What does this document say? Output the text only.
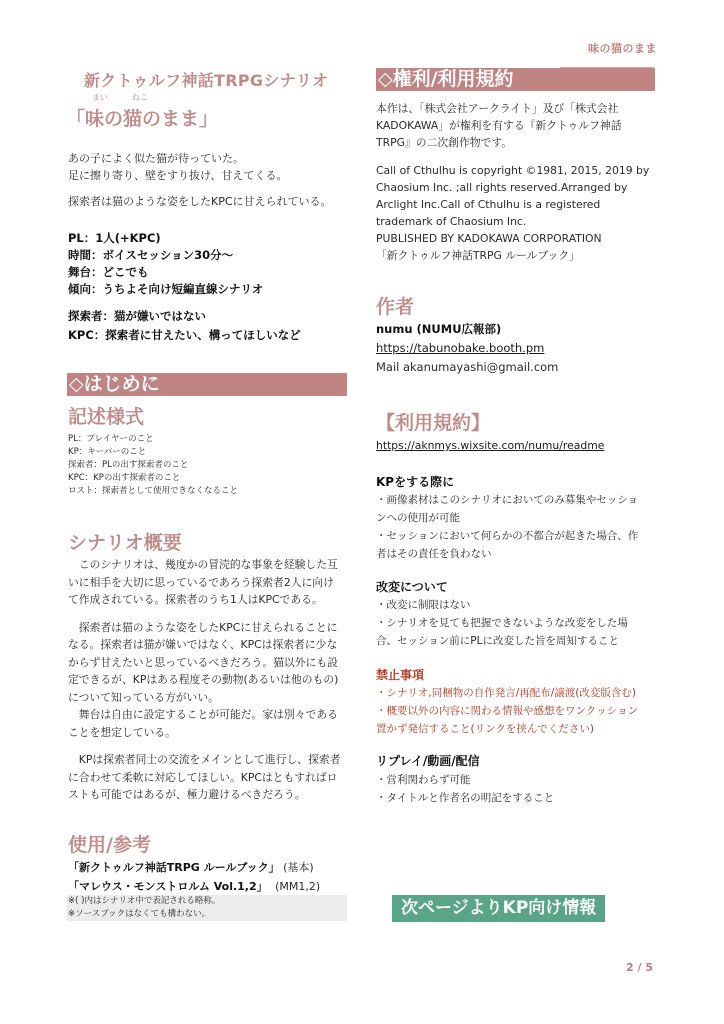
味の猫のまま
新クトゥルフ神話TRPGシナリオ
まい	ねこ
「味の猫のまま」
あの子によく似た猫が待っていた。
足に擦り寄り、壁をすり抜け、甘えてくる。
探索者は猫のような姿をしたKPCに甘えられている。
PL：1人(+KPC)
時間：ボイスセッション30分〜
舞台：どこでも
傾向：うちよそ向け短編直線シナリオ
探索者：猫が嫌いではない
KPC：探索者に甘えたい、構ってほしいなど
◇はじめに
記述様式
PL：プレイヤーのこと
KP：キーパーのこと
探索者：PLの出す探索者のこと
KPC：KPの出す探索者のこと
ロスト：探索者として使用できなくなること
シナリオ概要
　このシナリオは、幾度かの冒涜的な事象を経験した互
いに相手を大切に思っているであろう探索者2人に向け
て作成されている。探索者のうち1人はKPCである。
　探索者は猫のような姿をしたKPCに甘えられることに
なる。探索者は猫が嫌いではなく、KPCは探索者に少な
からず甘えたいと思っているべきだろう。猫以外にも設
定できるが、KPはある程度その動物(あるいは他のもの)
について知っている方がいい。
　舞台は自由に設定することが可能だ。家は別々である
ことを想定している。
　KPは探索者同士の交流をメインとして進行し、探索者
に合わせて柔軟に対応してほしい。KPCはともすればロ
ストも可能ではあるが、極力避けるべきだろう。
使用/参考
「新クトゥルフ神話TRPG ルールブック」 (基本)
「マレウス・モンストロルム Vol.1,2」 (MM1,2)
※( )内はシナリオ中で表記される略称。
※ソースブックはなくても構わない。
◇権利/利用規約
本作は、「株式会社アークライト」及び「株式会社
KADOKAWA」が権利を有する『新クトゥルフ神話
TRPG』の二次創作物です。
Call of Cthulhu is copyright ©1981, 2015, 2019 by
Chaosium Inc. ;all rights reserved.Arranged by
Arclight Inc.Call of Cthulhu is a registered
trademark of Chaosium Inc.
PUBLISHED BY KADOKAWA CORPORATION
「新クトゥルフ神話TRPG ルールブック」
作者
numu (NUMU広報部)
https://tabunobake.booth.pm
Mail akanumayashi@gmail.com
【利用規約】
https://aknmys.wixsite.com/numu/readme
KPをする際に
・画像素材はこのシナリオにおいてのみ募集やセッショ
ンへの使用が可能
・セッションにおいて何らかの不都合が起きた場合、作
者はその責任を負わない
改変について
・改変に制限はない
・シナリオを見ても把握できないような改変をした場
合、セッション前にPLに改変した旨を周知すること
禁止事項
・シナリオ,同梱物の自作発言/再配布/譲渡(改変版含む)
・概要以外の内容に関わる情報や感想をワンクッション
置かず発信すること(リンクを挟んでください)
リプレイ/動画/配信
・営利関わらず可能
・タイトルと作者名の明記をすること
次ページよりKP向け情報
2 / 5
